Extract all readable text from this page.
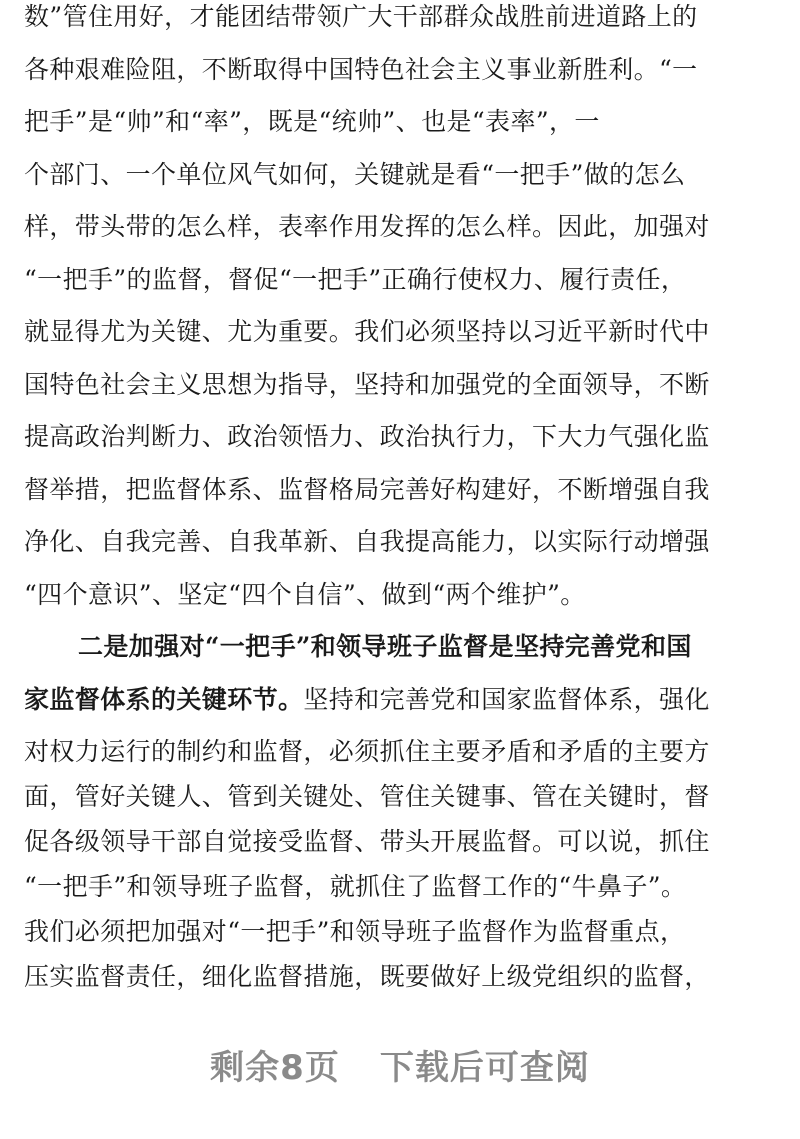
数”管住用好，才能团结带领广大干部群众战胜前进道路上的
各种艰难险阻，不断取得中国特色社会主义事业新胜利。“一
把手”是“帅”和“率”，既是“统帅”、也是“表率”，一
个部门、一个单位风气如何，关键就是看“一把手”做的怎么
样，带头带的怎么样，表率作用发挥的怎么样。因此，加强对
“一把手”的监督，督促“一把手”正确行使权力、履行责任，
就显得尤为关键、尤为重要。我们必须坚持以习近平新时代中
国特色社会主义思想为指导，坚持和加强党的全面领导，不断
提高政治判断力、政治领悟力、政治执行力，下大力气强化监
督举措，把监督体系、监督格局完善好构建好，不断增强自我
净化、自我完善、自我革新、自我提高能力，以实际行动增强
“四个意识”、坚定“四个自信”、做到“两个维护”。
二是加强对“一把手”和领导班子监督是坚持完善党和国
家监督体系的关键环节。坚持和完善党和国家监督体系，强化
对权力运行的制约和监督，必须抓住主要矛盾和矛盾的主要方
面，管好关键人、管到关键处、管住关键事、管在关键时，督
促各级领导干部自觉接受监督、带头开展监督。可以说，抓住
“一把手”和领导班子监督，就抓住了监督工作的“牛鼻子”。
我们必须把加强对“一把手”和领导班子监督作为监督重点，
剩余8页 下载后可查阅
压实监督责任，细化监督措施，既要做好上级党组织的监督，
